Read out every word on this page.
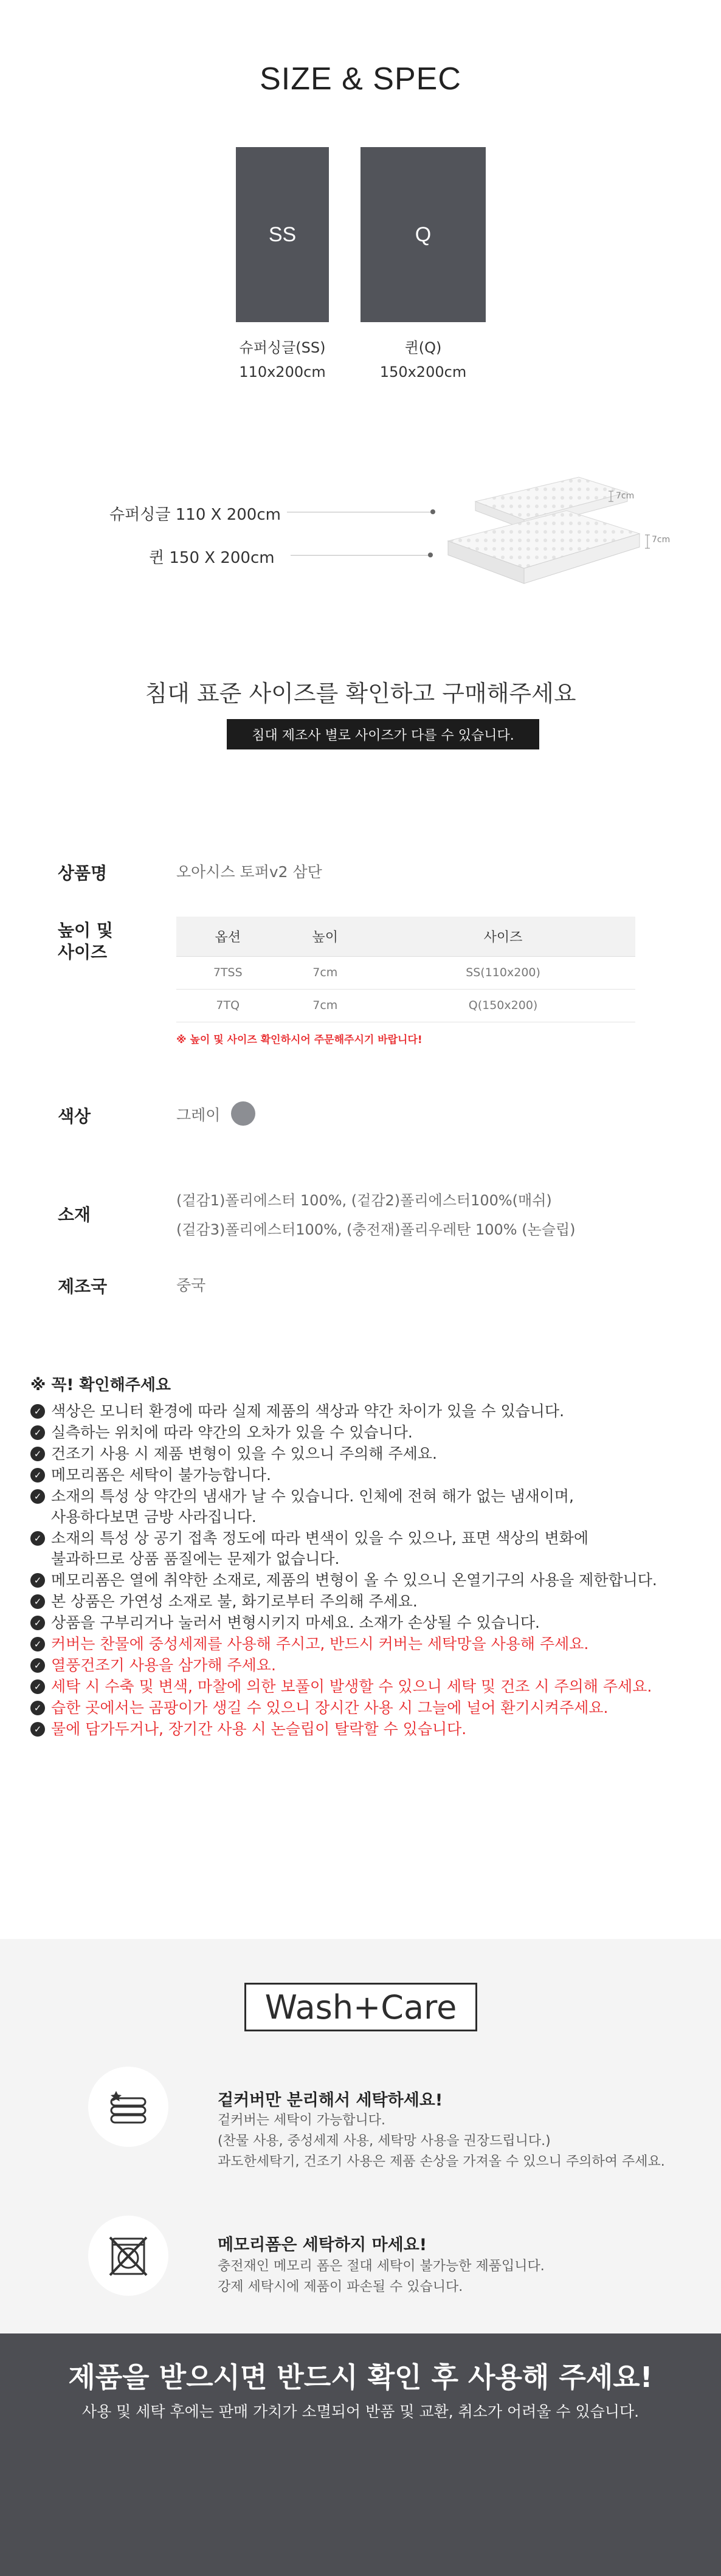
SIZE & SPEC
SS	Q
슈퍼싱글(SS)
110x200cm
퀸(Q)
150x200cm
슈퍼싱글 110 X 200cm
퀸 150 X 200cm
7cm
7cm
침대 표준 사이즈를 확인하고 구매해주세요
침대 제조사 별로 사이즈가 다를 수 있습니다.
상품명	오아시스 토퍼v2 삼단
높이 및
사이즈
옵션	높이	사이즈
7TSS	7cm	SS(110x200)
7TQ	7cm	Q(150x200)
※ 높이 및 사이즈 확인하시어 주문해주시기 바랍니다!
색상	그레이
소재
(겉감1)폴리에스터 100%, (겉감2)폴리에스터100%(매쉬)
(겉감3)폴리에스터100%, (충전재)폴리우레탄 100% (논슬립)
제조국	중국
※ 꼭! 확인해주세요
✓ 색상은 모니터 환경에 따라 실제 제품의 색상과 약간 차이가 있을 수 있습니다.
✓ 실측하는 위치에 따라 약간의 오차가 있을 수 있습니다.
✓ 건조기 사용 시 제품 변형이 있을 수 있으니 주의해 주세요.
✓ 메모리폼은 세탁이 불가능합니다.
✓ 소재의 특성 상 약간의 냄새가 날 수 있습니다. 인체에 전혀 해가 없는 냄새이며,
사용하다보면 금방 사라집니다.
✓ 소재의 특성 상 공기 접촉 정도에 따라 변색이 있을 수 있으나, 표면 색상의 변화에
불과하므로 상품 품질에는 문제가 없습니다.
✓ 메모리폼은 열에 취약한 소재로, 제품의 변형이 올 수 있으니 온열기구의 사용을 제한합니다.
✓ 본 상품은 가연성 소재로 불, 화기로부터 주의해 주세요.
✓ 상품을 구부리거나 눌러서 변형시키지 마세요. 소재가 손상될 수 있습니다.
✓ 커버는 찬물에 중성세제를 사용해 주시고, 반드시 커버는 세탁망을 사용해 주세요.
✓ 열풍건조기 사용을 삼가해 주세요.
✓ 세탁 시 수축 및 변색, 마찰에 의한 보풀이 발생할 수 있으니 세탁 및 건조 시 주의해 주세요.
✓ 습한 곳에서는 곰팡이가 생길 수 있으니 장시간 사용 시 그늘에 널어 환기시켜주세요.
✓ 물에 담가두거나, 장기간 사용 시 논슬립이 탈락할 수 있습니다.
Wash+Care
겉커버만 분리해서 세탁하세요!
겉커버는 세탁이 가능합니다.
(찬물 사용, 중성세제 사용, 세탁망 사용을 권장드립니다.)
과도한세탁기, 건조기 사용은 제품 손상을 가져올 수 있으니 주의하여 주세요.
메모리폼은 세탁하지 마세요!
충전재인 메모리 폼은 절대 세탁이 불가능한 제품입니다.
강제 세탁시에 제품이 파손될 수 있습니다.
제품을 받으시면 반드시 확인 후 사용해 주세요!
사용 및 세탁 후에는 판매 가치가 소멸되어 반품 및 교환, 취소가 어려울 수 있습니다.
